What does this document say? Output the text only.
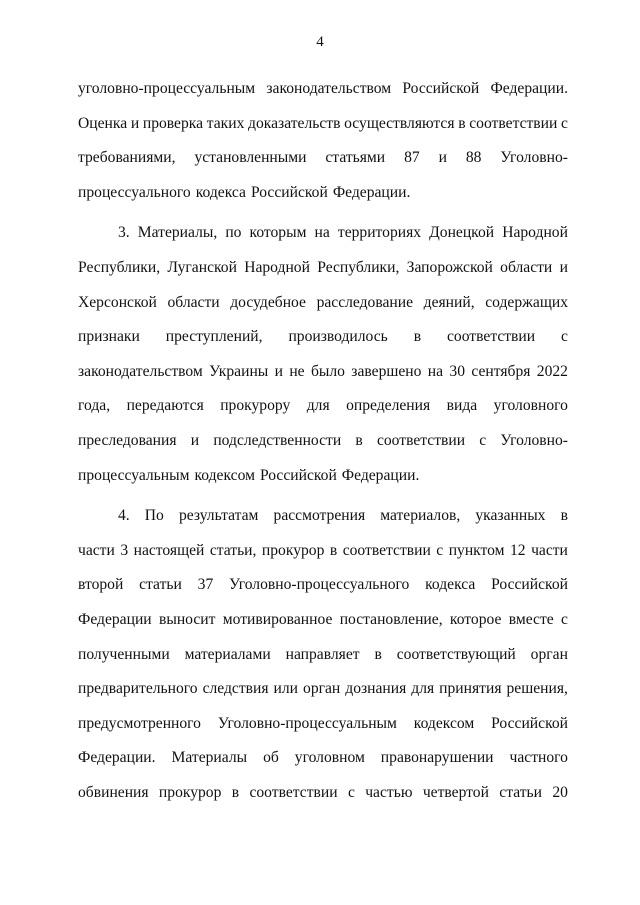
4
уголовно-процессуальным законодательством Российской Федерации.
Оценка и проверка таких доказательств осуществляются в соответствии с
требованиями, установленными статьями 87 и 88 Уголовно-
процессуального кодекса Российской Федерации.
3. Материалы, по которым на территориях Донецкой Народной
Республики, Луганской Народной Республики, Запорожской области и
Херсонской области досудебное расследование деяний, содержащих
признаки преступлений, производилось в соответствии с
законодательством Украины и не было завершено на 30 сентября 2022
года, передаются прокурору для определения вида уголовного
преследования и подследственности в соответствии с Уголовно-
процессуальным кодексом Российской Федерации.
4. По результатам рассмотрения материалов, указанных в
части 3 настоящей статьи, прокурор в соответствии с пунктом 12 части
второй статьи 37 Уголовно-процессуального кодекса Российской
Федерации выносит мотивированное постановление, которое вместе с
полученными материалами направляет в соответствующий орган
предварительного следствия или орган дознания для принятия решения,
предусмотренного Уголовно-процессуальным кодексом Российской
Федерации. Материалы об уголовном правонарушении частного
обвинения прокурор в соответствии с частью четвертой статьи 20
